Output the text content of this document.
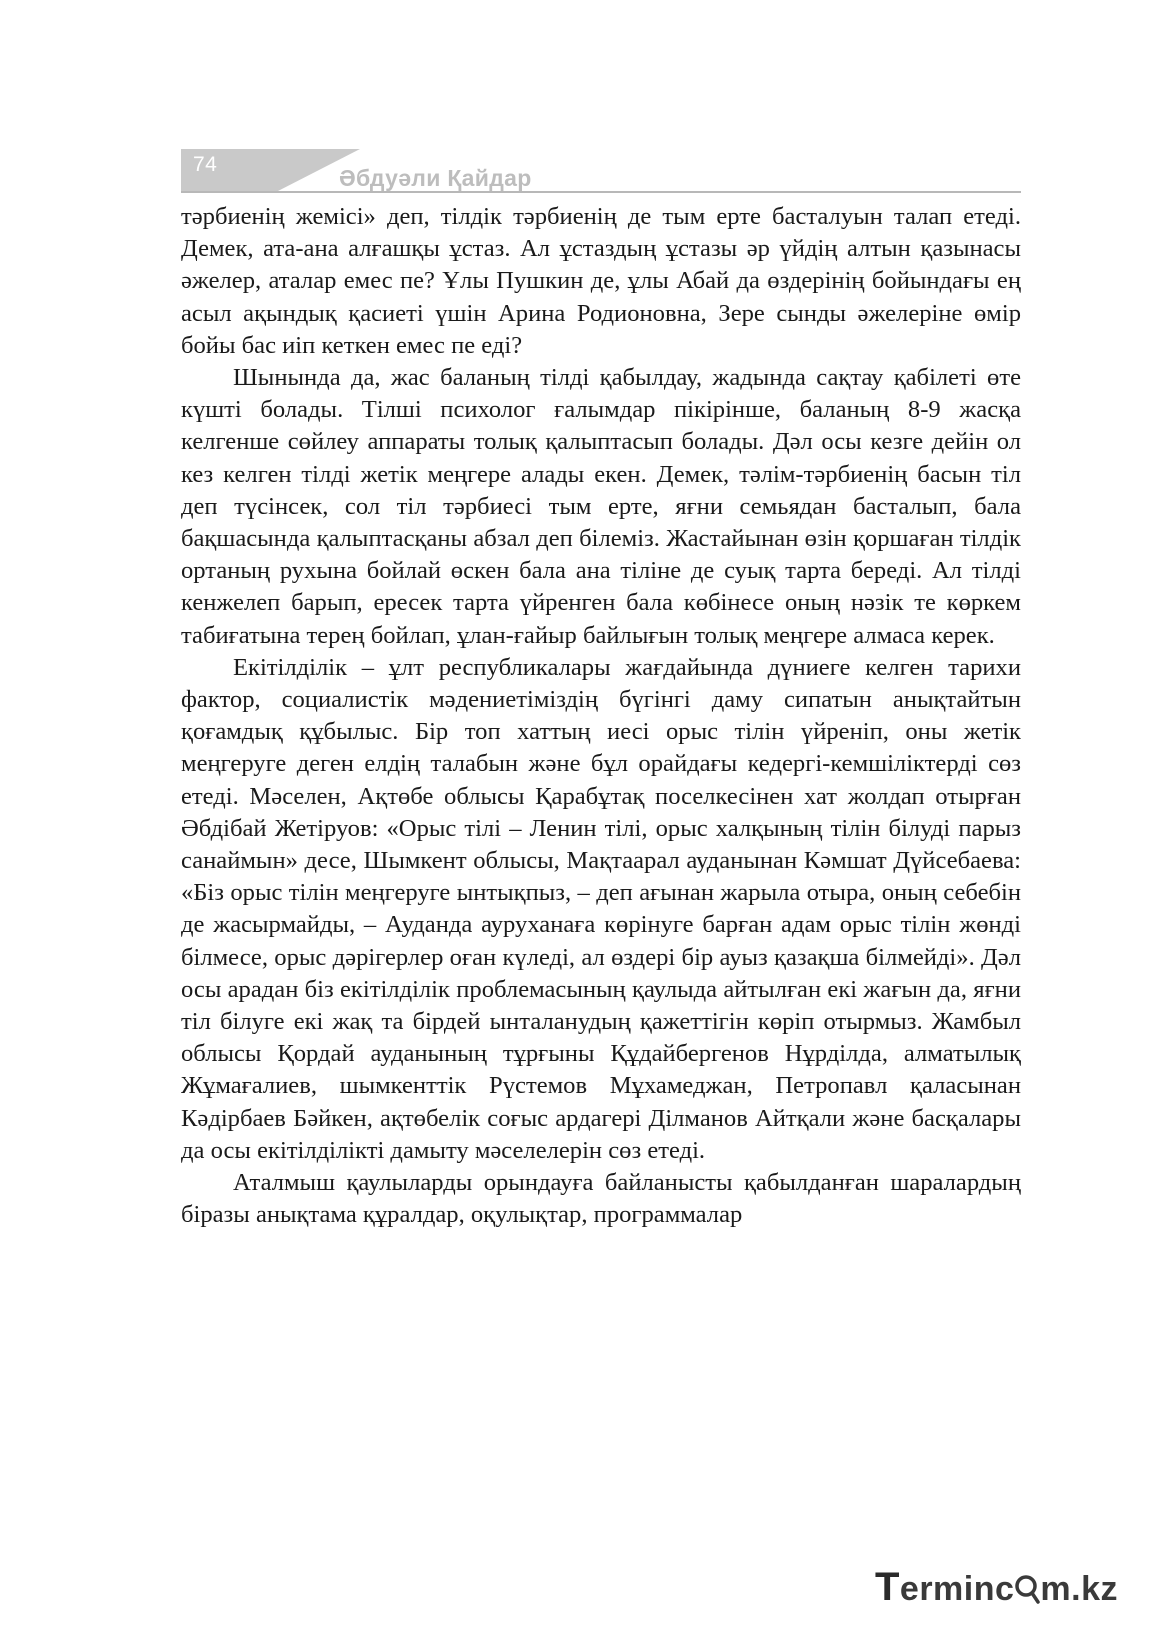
74
Әбдуәли Қайдар

тәрбиенің жемісі» деп, тілдік тәрбиенің де тым ерте басталуын талап етеді. Демек, ата-ана алғашқы ұстаз. Ал ұстаздың ұстазы әр үйдің алтын қазынасы әжелер, аталар емес пе? Ұлы Пушкин де, ұлы Абай да өздерінің бойындағы ең асыл ақындық қасиеті үшін Арина Родионовна, Зере сынды әжелеріне өмір бойы бас иіп кеткен емес пе еді?

Шынында да, жас баланың тілді қабылдау, жадында сақтау қабілеті өте күшті болады. Тілші психолог ғалымдар пікірінше, баланың 8-9 жасқа келгенше сөйлеу аппараты толық қалыптасып болады. Дәл осы кезге дейін ол кез келген тілді жетік меңгере алады екен. Демек, тәлім-тәрбиенің басын тіл деп түсінсек, сол тіл тәрбиесі тым ерте, яғни семьядан басталып, бала бақшасында қалыптасқаны абзал деп білеміз. Жастайынан өзін қоршаған тілдік ортаның рухына бойлай өскен бала ана тіліне де суық тарта береді. Ал тілді кенжелеп барып, ересек тарта үйренген бала көбінесе оның нәзік те көркем табиғатына терең бойлап, ұлан-ғайыр байлығын толық меңгере алмаса керек.

Екітілділік – ұлт республикалары жағдайында дүниеге келген тарихи фактор, социалистік мәдениетіміздің бүгінгі даму сипатын анықтайтын қоғамдық құбылыс. Бір топ хаттың иесі орыс тілін үйреніп, оны жетік меңгеруге деген елдің талабын және бұл орайдағы кедергі-кемшіліктерді сөз етеді. Мәселен, Ақтөбе облысы Қарабұтақ поселкесінен хат жолдап отырған Әбдібай Жетіруов: «Орыс тілі – Ленин тілі, орыс халқының тілін білуді парыз санаймын» десе, Шымкент облысы, Мақтаарал ауданынан Кәмшат Дүйсебаева: «Біз орыс тілін меңгеруге ынтықпыз, – деп ағынан жарыла отыра, оның себебін де жасырмайды, – Ауданда ауруханаға көрінуге барған адам орыс тілін жөнді білмесе, орыс дәрігерлер оған күледі, ал өздері бір ауыз қазақша білмейді». Дәл осы арадан біз екітілділік проблемасының қаулыда айтылған екі жағын да, яғни тіл білуге екі жақ та бірдей ынталанудың қажеттігін көріп отырмыз. Жамбыл облысы Қордай ауданының тұрғыны Құдайбергенов Нұрділда, алматылық Жұмағалиев, шымкенттік Рүстемов Мұхамеджан, Петропавл қаласынан Кәдірбаев Бәйкен, ақтөбелік соғыс ардагері Ділманов Айтқали және басқалары да осы екітілділікті дамыту мәселелерін сөз етеді.

Аталмыш қаулыларды орындауға байланысты қабылданған шаралардың біразы анықтама құралдар, оқулықтар, программалар

Terminc m.kz
